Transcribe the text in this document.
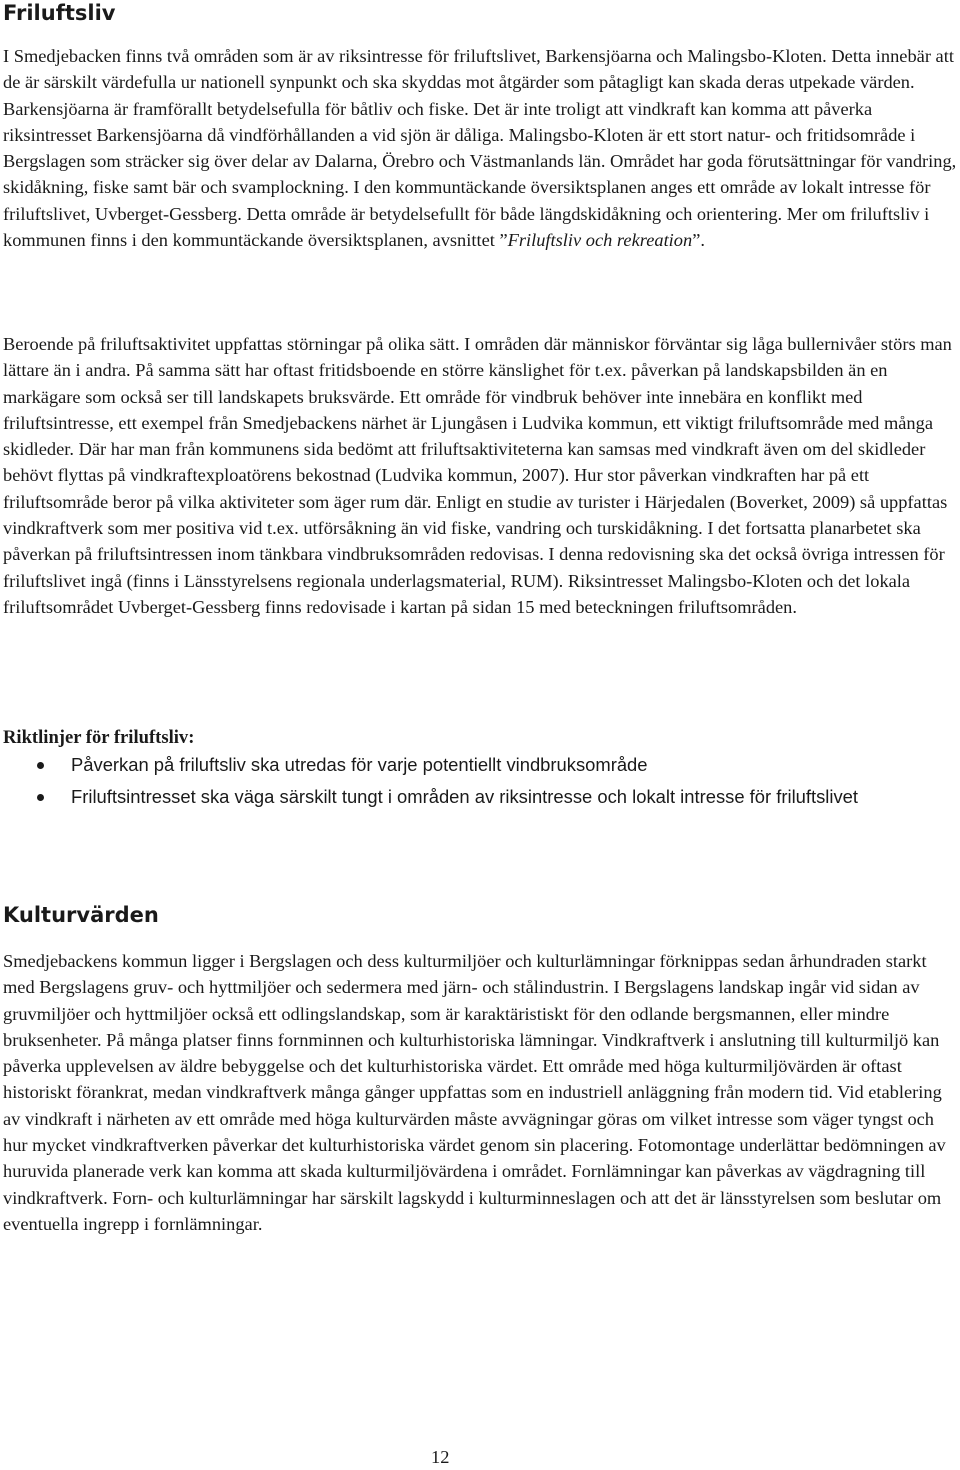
Friluftsliv

I Smedjebacken finns två områden som är av riksintresse för friluftslivet, Barkensjöarna och Malingsbo-Kloten. Detta innebär att de är särskilt värdefulla ur nationell synpunkt och ska skyddas mot åtgärder som påtagligt kan skada deras utpekade värden. Barkensjöarna är framförallt betydelsefulla för båtliv och fiske. Det är inte troligt att vindkraft kan komma att påverka riksintresset Barkensjöarna då vindförhållanden a vid sjön är dåliga. Malingsbo-Kloten är ett stort natur- och fritidsområde i Bergslagen som sträcker sig över delar av Dalarna, Örebro och Västmanlands län. Området har goda förutsättningar för vandring, skidåkning, fiske samt bär och svamplockning. I den kommuntäckande översiktsplanen anges ett område av lokalt intresse för friluftslivet, Uvberget-Gessberg. Detta område är betydelsefullt för både längdskidåkning och orientering. Mer om friluftsliv i kommunen finns i den kommuntäckande översiktsplanen, avsnittet ”Friluftsliv och rekreation”.

Beroende på friluftsaktivitet uppfattas störningar på olika sätt. I områden där människor förväntar sig låga bullernivåer störs man lättare än i andra. På samma sätt har oftast fritidsboende en större känslighet för t.ex. påverkan på landskapsbilden än en markägare som också ser till landskapets bruksvärde. Ett område för vindbruk behöver inte innebära en konflikt med friluftsintresse, ett exempel från Smedjebackens närhet är Ljungåsen i Ludvika kommun, ett viktigt friluftsområde med många skidleder. Där har man från kommunens sida bedömt att friluftsaktiviteterna kan samsas med vindkraft även om del skidleder behövt flyttas på vindkraftexploatörens bekostnad (Ludvika kommun, 2007). Hur stor påverkan vindkraften har på ett friluftsområde beror på vilka aktiviteter som äger rum där. Enligt en studie av turister i Härjedalen (Boverket, 2009) så uppfattas vindkraftverk som mer positiva vid t.ex. utförsåkning än vid fiske, vandring och turskidåkning. I det fortsatta planarbetet ska påverkan på friluftsintressen inom tänkbara vindbruksområden redovisas. I denna redovisning ska det också övriga intressen för friluftslivet ingå (finns i Länsstyrelsens regionala underlagsmaterial, RUM). Riksintresset Malingsbo-Kloten och det lokala friluftsområdet Uvberget-Gessberg finns redovisade i kartan på sidan 15 med beteckningen friluftsområden.

Riktlinjer för friluftsliv:

Påverkan på friluftsliv ska utredas för varje potentiellt vindbruksområde
Friluftsintresset ska väga särskilt tungt i områden av riksintresse och lokalt intresse för friluftslivet
Kulturvärden

Smedjebackens kommun ligger i Bergslagen och dess kulturmiljöer och kulturlämningar förknippas sedan århundraden starkt med Bergslagens gruv- och hyttmiljöer och sedermera med järn- och stålindustrin. I Bergslagens landskap ingår vid sidan av gruvmiljöer och hyttmiljöer också ett odlingslandskap, som är karaktäristiskt för den odlande bergsmannen, eller mindre bruksenheter. På många platser finns fornminnen och kulturhistoriska lämningar. Vindkraftverk i anslutning till kulturmiljö kan påverka upplevelsen av äldre bebyggelse och det kulturhistoriska värdet. Ett område med höga kulturmiljövärden är oftast historiskt förankrat, medan vindkraftverk många gånger uppfattas som en industriell anläggning från modern tid. Vid etablering av vindkraft i närheten av ett område med höga kulturvärden måste avvägningar göras om vilket intresse som väger tyngst och hur mycket vindkraftverken påverkar det kulturhistoriska värdet genom sin placering. Fotomontage underlättar bedömningen av huruvida planerade verk kan komma att skada kulturmiljövärdena i området. Fornlämningar kan påverkas av vägdragning till vindkraftverk. Forn- och kulturlämningar har särskilt lagskydd i kulturminneslagen och att det är länsstyrelsen som beslutar om eventuella ingrepp i fornlämningar.

12
